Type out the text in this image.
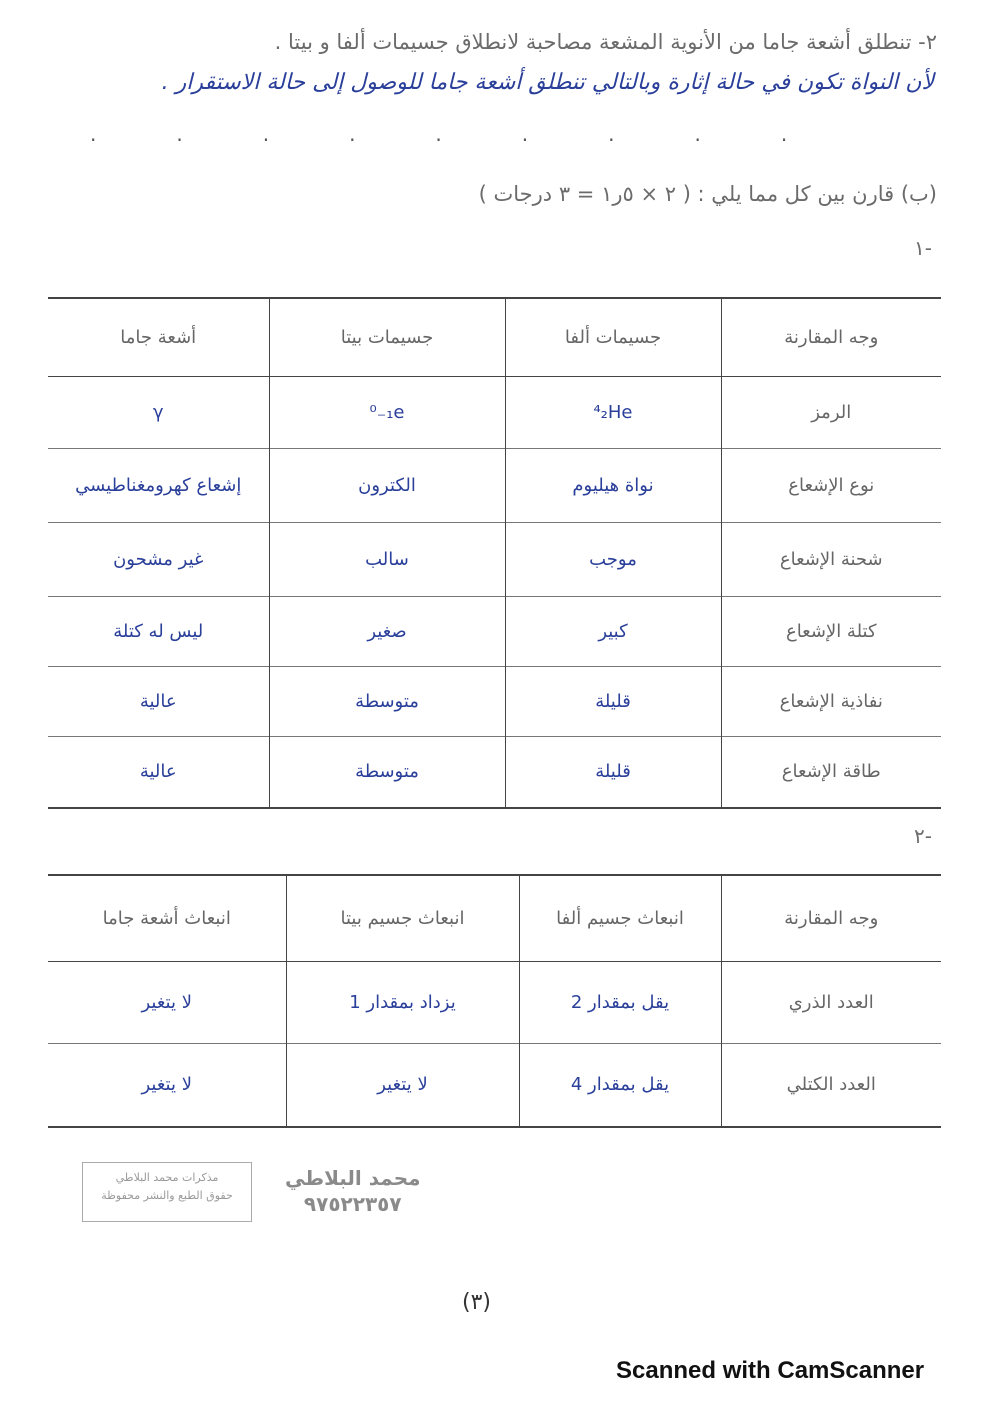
٢- تنطلق أشعة جاما من الأنوية المشعة مصاحبة لانطلاق جسيمات ألفا و بيتا .
لأن النواة تكون في حالة إثارة وبالتالي تنطلق أشعة جاما للوصول إلى حالة الاستقرار .
.........
(ب) قارن بين كل مما يلي : ( ٢ × ٥ر١ = ٣ درجات )
-١
وجه المقارنة	جسيمات ألفا	جسيمات بيتا	أشعة جاما
الرمز	⁴₂He	⁰₋₁e	γ
نوع الإشعاع	نواة هيليوم	الكترون	إشعاع كهرومغناطيسي
شحنة الإشعاع	موجب	سالب	غير مشحون
كتلة الإشعاع	كبير	صغير	ليس له كتلة
نفاذية الإشعاع	قليلة	متوسطة	عالية
طاقة الإشعاع	قليلة	متوسطة	عالية
-٢
وجه المقارنة	انبعاث جسيم ألفا	انبعاث جسيم بيتا	انبعاث أشعة جاما
العدد الذري	يقل بمقدار 2	يزداد بمقدار 1	لا يتغير
العدد الكتلي	يقل بمقدار 4	لا يتغير	لا يتغير
مذكرات محمد البلاطي
حقوق الطبع والنشر محفوظة
محمد البلاطي
٩٧٥٢٢٣٥٧
(٣)
Scanned with CamScanner
